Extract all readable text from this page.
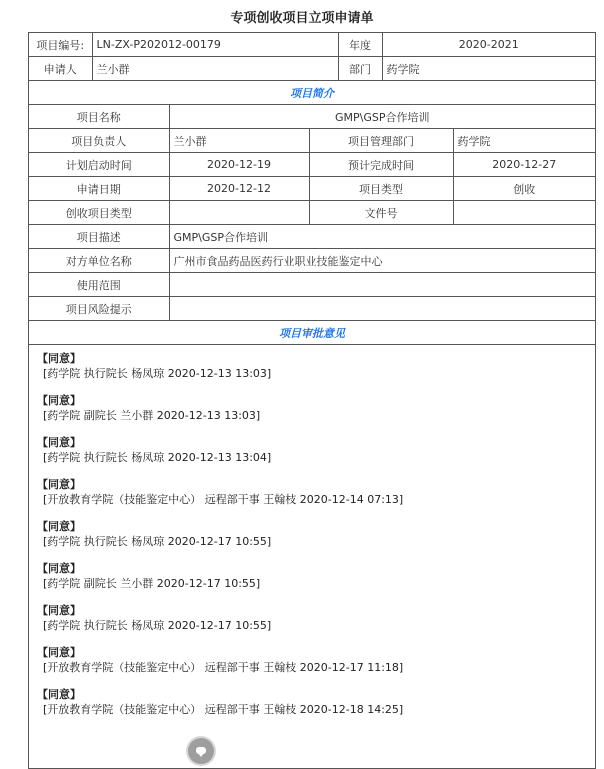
专项创收项目立项申请单
项目编号:	LN-ZX-P202012-00179	年度	2020-2021
申请人	兰小群	部门	药学院
项目简介
项目名称	GMP\GSP合作培训		
项目负责人	兰小群	项目管理部门	药学院
计划启动时间	2020-12-19	预计完成时间	2020-12-27
申请日期	2020-12-12	项目类型	创收
创收项目类型		文件号	
项目描述	GMP\GSP合作培训		
对方单位名称	广州市食品药品医药行业职业技能鉴定中心		
使用范围			
项目风险提示			
项目审批意见
【同意】
[药学院 执行院长 杨凤琼 2020-12-13 13:03]
【同意】
[药学院 副院长 兰小群 2020-12-13 13:03]
【同意】
[药学院 执行院长 杨凤琼 2020-12-13 13:04]
【同意】
[开放教育学院（技能鉴定中心） 远程部干事 王翰枝 2020-12-14 07:13]
【同意】
[药学院 执行院长 杨凤琼 2020-12-17 10:55]
【同意】
[药学院 副院长 兰小群 2020-12-17 10:55]
【同意】
[药学院 执行院长 杨凤琼 2020-12-17 10:55]
【同意】
[开放教育学院（技能鉴定中心） 远程部干事 王翰枝 2020-12-17 11:18]
【同意】
[开放教育学院（技能鉴定中心） 远程部干事 王翰枝 2020-12-18 14:25]
